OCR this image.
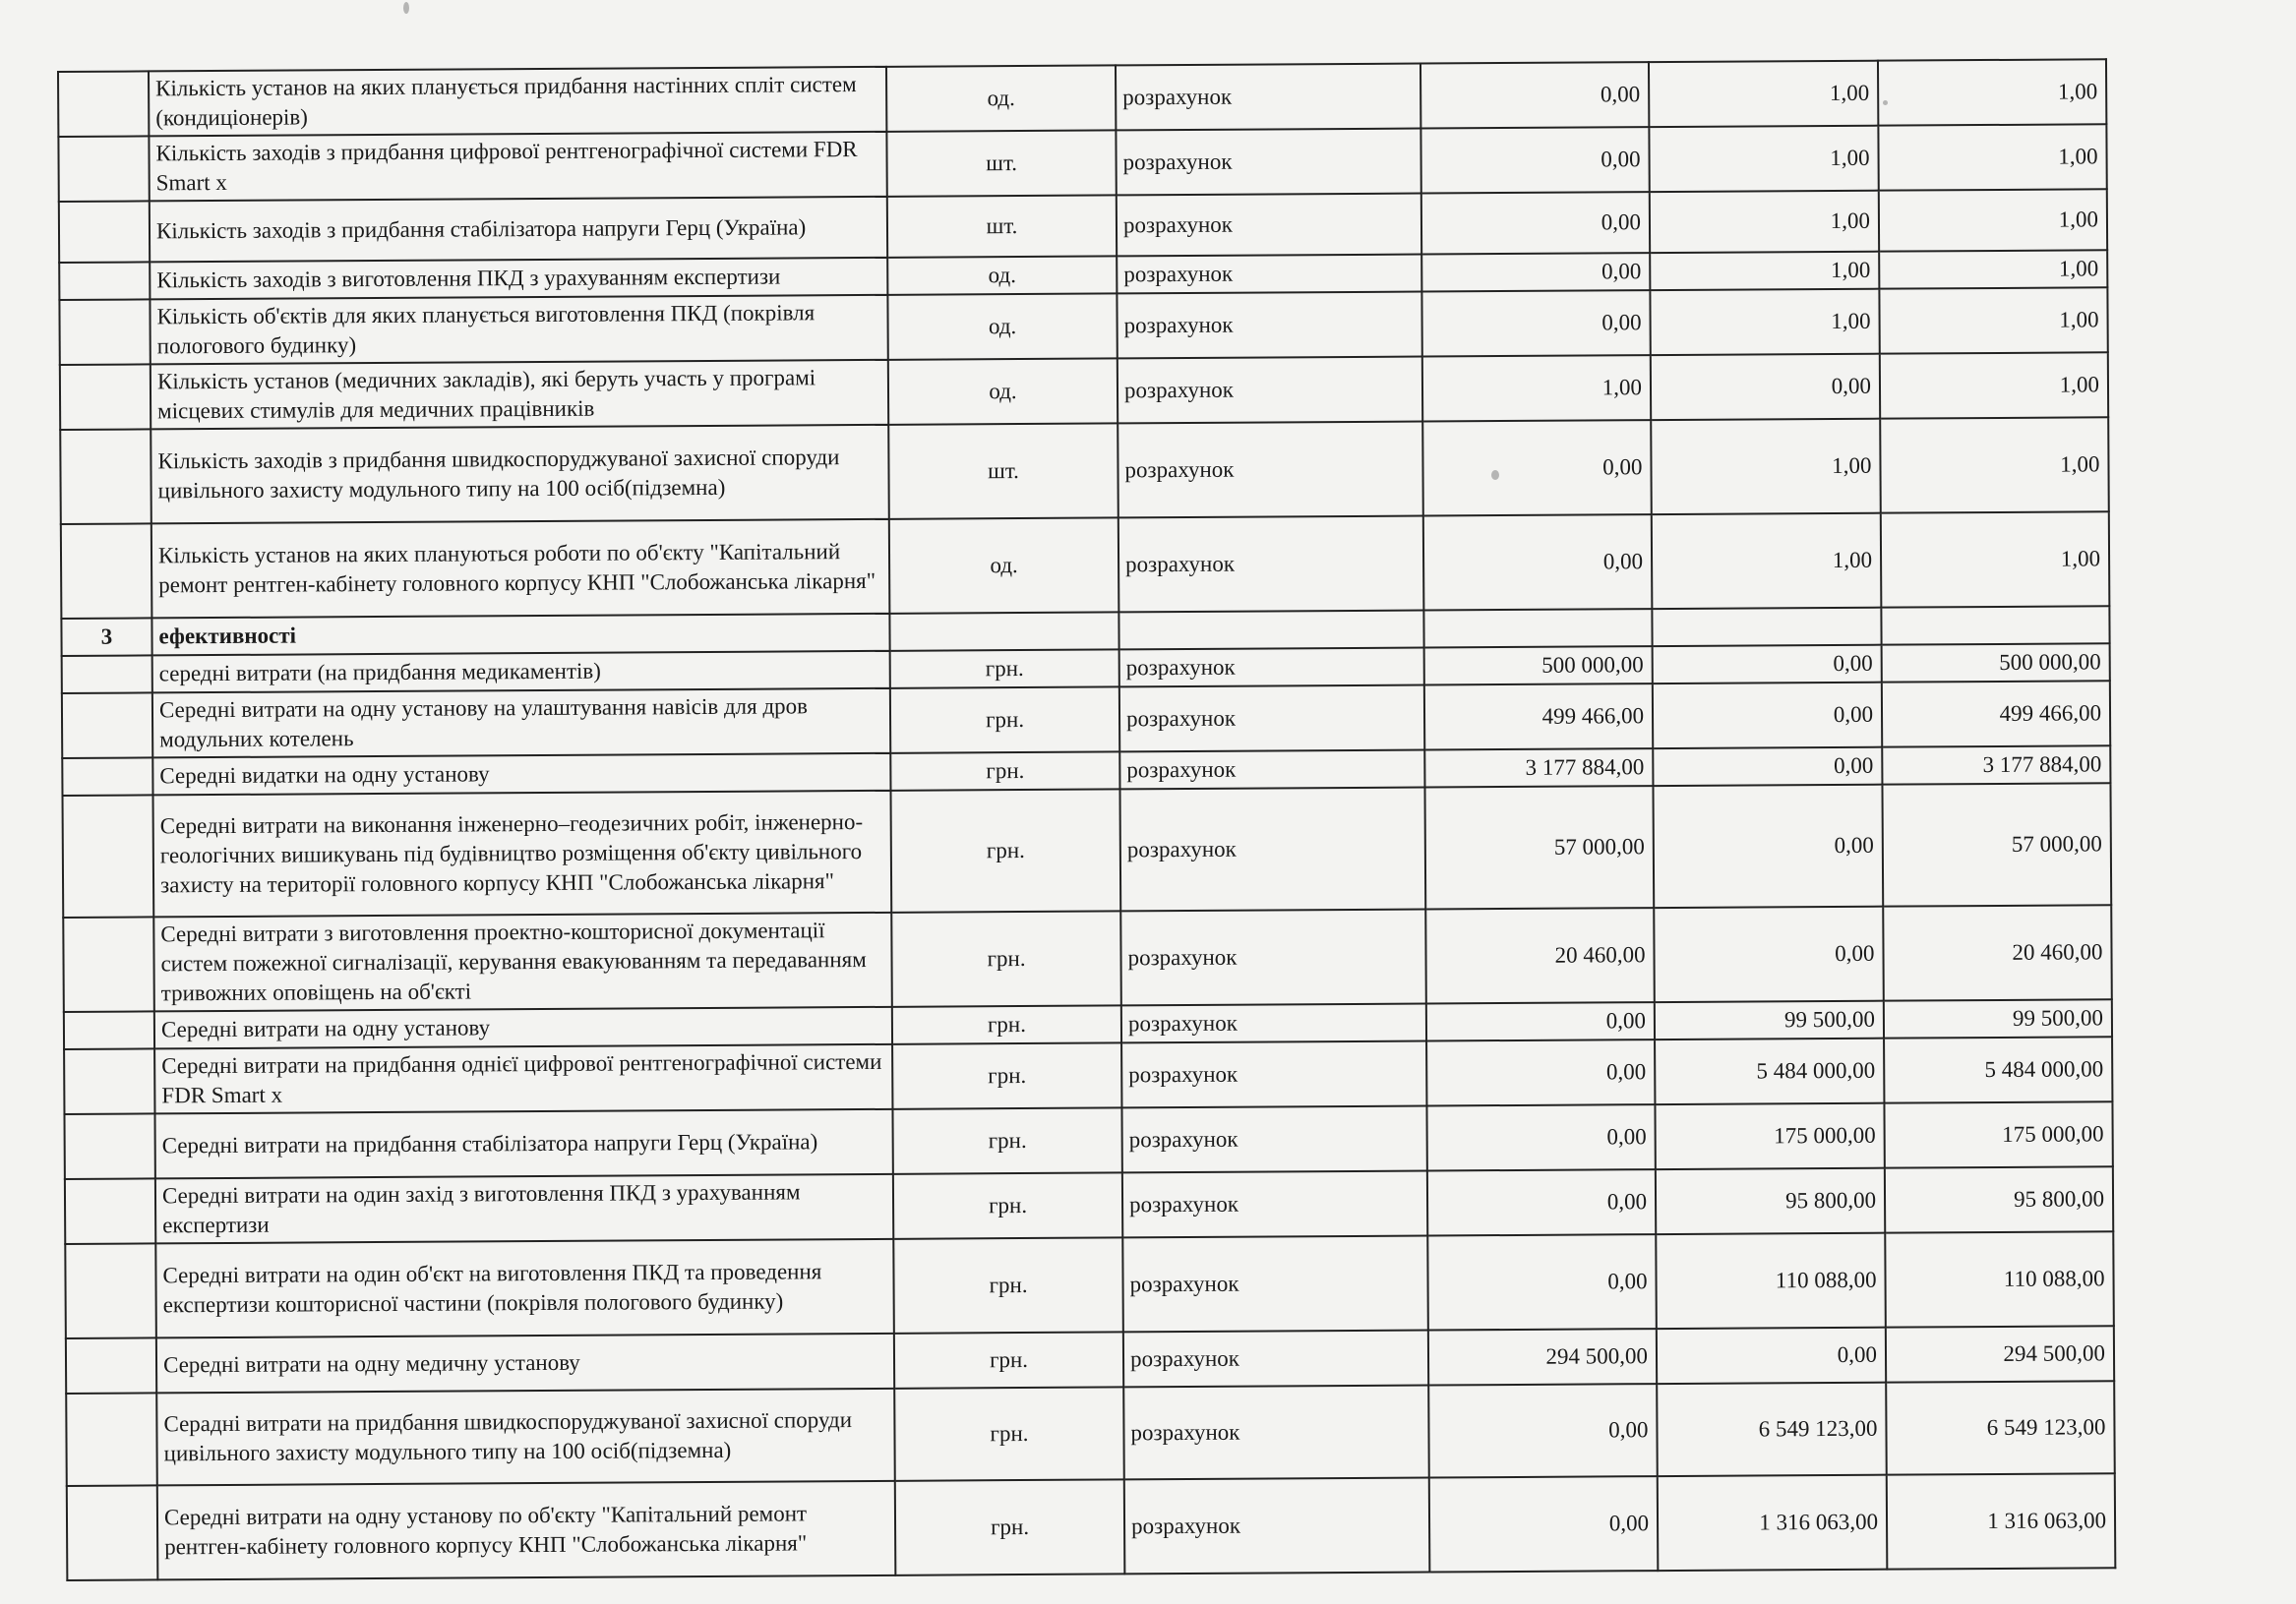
	Кількість установ на яких планується придбання настінних спліт систем (кондиціонерів)	од.	розрахунок	0,00	1,00	1,00
	Кількість заходів з придбання цифрової рентгенографічної системи FDR Smart x	шт.	розрахунок	0,00	1,00	1,00
	Кількість заходів з придбання стабілізатора напруги Герц (Україна)	шт.	розрахунок	0,00	1,00	1,00
	Кількість заходів з виготовлення ПКД з урахуванням експертизи	од.	розрахунок	0,00	1,00	1,00
	Кількість об'єктів для яких планується виготовлення ПКД (покрівля пологового будинку)	од.	розрахунок	0,00	1,00	1,00
	Кількість установ (медичних закладів), які беруть участь у програмі місцевих стимулів для медичних працівників	од.	розрахунок	1,00	0,00	1,00
	Кількість заходів з придбання швидкоспоруджуваної захисної споруди цивільного захисту модульного типу на 100 осіб(підземна)	шт.	розрахунок	0,00	1,00	1,00
	Кількість установ на яких плануються роботи по об'єкту "Капітальний ремонт рентген-кабінету головного корпусу КНП "Слобожанська лікарня"	од.	розрахунок	0,00	1,00	1,00
3	ефективності					
	середні витрати (на придбання медикаментів)	грн.	розрахунок	500 000,00	0,00	500 000,00
	Середні витрати на одну установу на улаштування навісів для дров модульних котелень	грн.	розрахунок	499 466,00	0,00	499 466,00
	Середні видатки на одну установу	грн.	розрахунок	3 177 884,00	0,00	3 177 884,00
	Середні витрати на виконання інженерно–геодезичних робіт, інженерно-геологічних вишикувань під будівництво розміщення об'єкту цивільного захисту на території головного корпусу КНП "Слобожанська лікарня"	грн.	розрахунок	57 000,00	0,00	57 000,00
	Середні витрати з виготовлення проектно-кошторисної документації систем пожежної сигналізації, керування евакуюванням та передаванням тривожних оповіщень на об'єкті	грн.	розрахунок	20 460,00	0,00	20 460,00
	Середні витрати на одну установу	грн.	розрахунок	0,00	99 500,00	99 500,00
	Середні витрати на придбання однієї цифрової рентгенографічної системи FDR Smart x	грн.	розрахунок	0,00	5 484 000,00	5 484 000,00
	Середні витрати на придбання стабілізатора напруги Герц (Україна)	грн.	розрахунок	0,00	175 000,00	175 000,00
	Середні витрати на один захід з виготовлення ПКД з урахуванням експертизи	грн.	розрахунок	0,00	95 800,00	95 800,00
	Середні витрати на один об'єкт на виготовлення ПКД та проведення експертизи кошторисної частини (покрівля пологового будинку)	грн.	розрахунок	0,00	110 088,00	110 088,00
	Середні витрати на одну медичну установу	грн.	розрахунок	294 500,00	0,00	294 500,00
	Серадні витрати на придбання швидкоспоруджуваної захисної споруди цивільного захисту модульного типу на 100 осіб(підземна)	грн.	розрахунок	0,00	6 549 123,00	6 549 123,00
	Середні витрати на одну установу по об'єкту "Капітальний ремонт рентген-кабінету головного корпусу КНП "Слобожанська лікарня"	грн.	розрахунок	0,00	1 316 063,00	1 316 063,00
